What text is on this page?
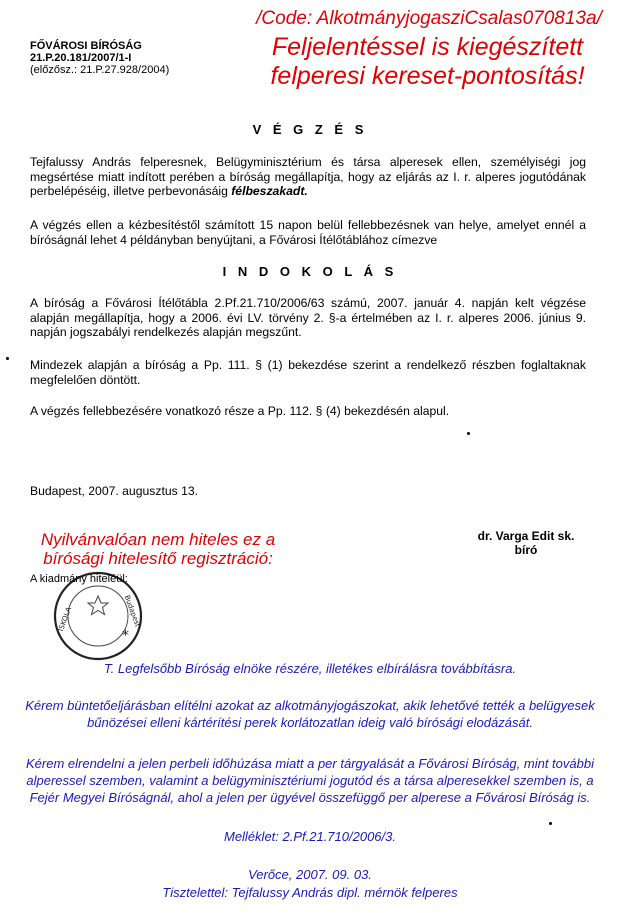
FŐVÁROSI BÍRÓSÁG
21.P.20.181/2007/1-I
(előzősz.: 21.P.27.928/2004)
/Code: AlkotmányjogasziCsalas070813a/
Feljelentéssel is kiegészített
felperesi kereset-pontosítás!
V É G Z É S
Tejfalussy András felperesnek, Belügyminisztérium és társa alperesek ellen, személyiségi jog megsértése miatt indított perében a bíróság megállapítja, hogy az eljárás az I. r. alperes jogutódának perbelépéséig, illetve perbevonásáig félbeszakadt.
A végzés ellen a kézbesítéstől számított 15 napon belül fellebbezésnek van helye, amelyet ennél a bíróságnál lehet 4 példányban benyújtani, a Fővárosi Ítélőtáblához címezve
I N D O K O L Á S
A bíróság a Fővárosi Ítélőtábla 2.Pf.21.710/2006/63 számú, 2007. január 4. napján kelt végzése alapján megállapítja, hogy a 2006. évi LV. törvény 2. §-a értelmében az I. r. alperes 2006. június 9. napján jogszabályi rendelkezés alapján megszűnt.
Mindezek alapján a bíróság a Pp. 111. § (1) bekezdése szerint a rendelkező részben foglaltaknak megfelelően döntött.
A végzés fellebbezésére vonatkozó része a Pp. 112. § (4) bekezdésén alapul.
Budapest, 2007. augusztus 13.
dr. Varga Edit sk.
bíró
*
ISKOLA	Budapest
Nyilvánvalóan nem hiteles ez a
bírósági hitelesítő regisztráció:
A kiadmány hiteléül:
T. Legfelsőbb Bíróság elnöke részére, illetékes elbírálásra továbbításra.
Kérem büntetőeljárásban elítélni azokat az alkotmányjogászokat, akik lehetővé tették a belügyesek
bűnözései elleni kártérítési perek korlátozatlan ideig való bírósági elodázását.
Kérem elrendelni a jelen perbeli időhúzása miatt a per tárgyalását a Fővárosi Bíróság, mint további
alperessel szemben, valamint a belügyminisztériumi jogutód és a társa alperesekkel szemben is, a
Fejér Megyei Bíróságnál, ahol a jelen per ügyével összefüggő per alperese a Fővárosi Bíróság is.
Melléklet: 2.Pf.21.710/2006/3.
Verőce, 2007. 09. 03.
Tisztelettel: Tejfalussy András dipl. mérnök felperes
